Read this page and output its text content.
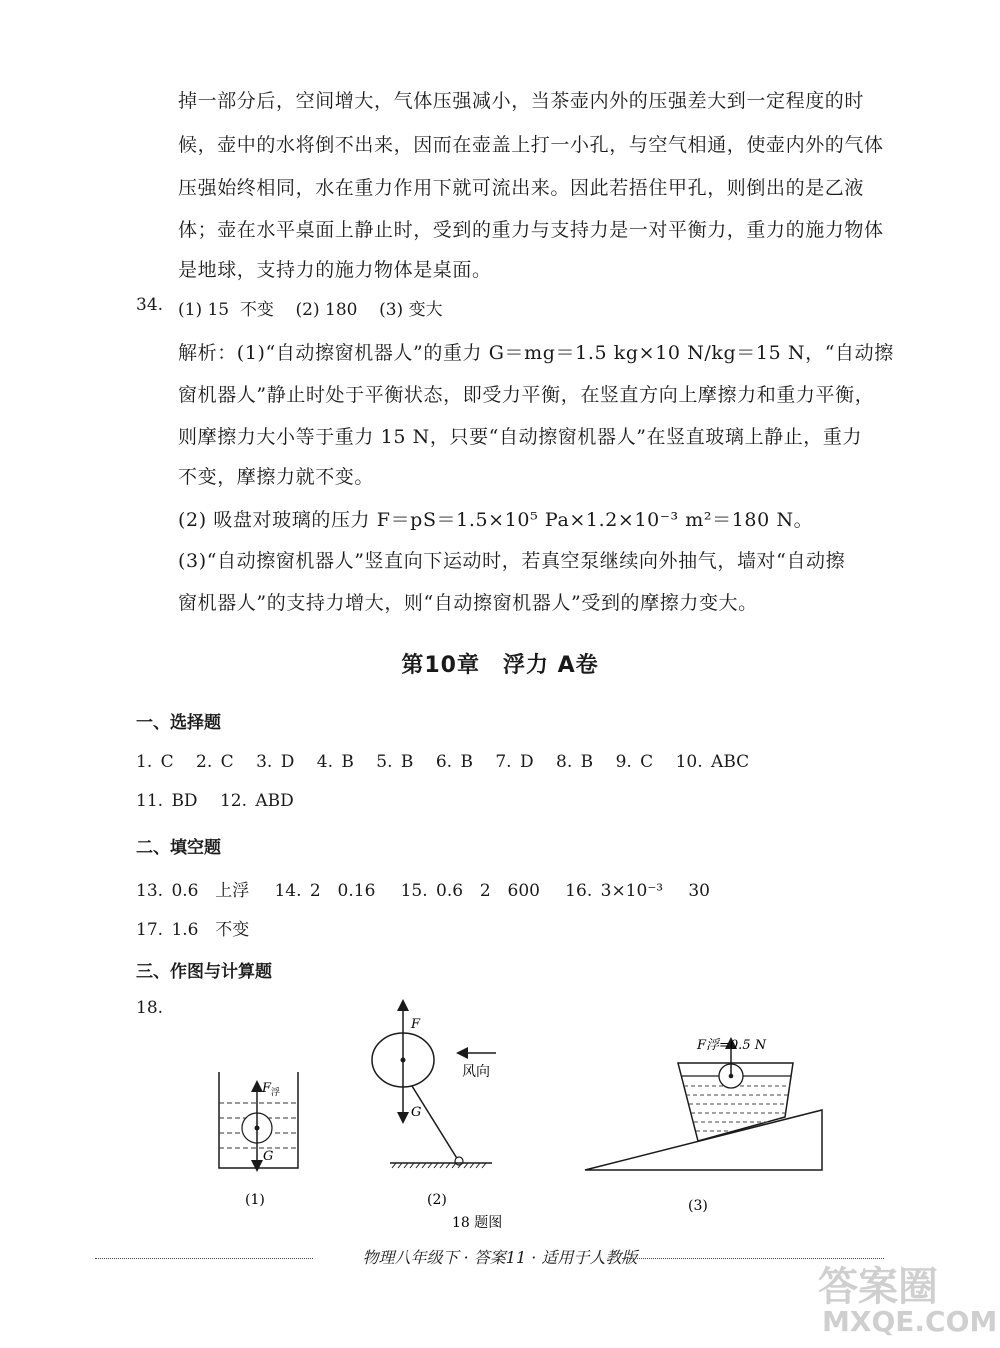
掉一部分后，空间增大，气体压强减小，当茶壶内外的压强差大到一定程度的时
候，壶中的水将倒不出来，因而在壶盖上打一小孔，与空气相通，使壶内外的气体
压强始终相同，水在重力作用下就可流出来。因此若捂住甲孔，则倒出的是乙液
体；壶在水平桌面上静止时，受到的重力与支持力是一对平衡力，重力的施力物体
是地球，支持力的施力物体是桌面。
34. (1) 15  不变    (2) 180    (3) 变大
解析：(1)“自动擦窗机器人”的重力 G＝mg＝1.5 kg×10 N/kg＝15 N，“自动擦
窗机器人”静止时处于平衡状态，即受力平衡，在竖直方向上摩擦力和重力平衡，
则摩擦力大小等于重力 15 N，只要“自动擦窗机器人”在竖直玻璃上静止，重力
不变，摩擦力就不变。
(2) 吸盘对玻璃的压力 F＝pS＝1.5×10⁵ Pa×1.2×10⁻³ m²＝180 N。
(3)“自动擦窗机器人”竖直向下运动时，若真空泵继续向外抽气，墙对“自动擦
窗机器人”的支持力增大，则“自动擦窗机器人”受到的摩擦力变大。
第10章　浮力 A卷
一、选择题
1. C 2. C 3. D 4. B 5. B 6. B 7. D 8. B 9. C 10. ABC
11. BD 12. ABD
二、填空题
13. 0.6  上浮   14. 2  0.16   15. 0.6  2  600   16. 3×10⁻³   30
17. 1.6  不变
三、作图与计算题
18.
$F_浮$
G
F
G
风向
F浮=0.5 N
(1)	(2)	(3)
18 题图
物理八年级下 · 答案11 · 适用于人教版
答案圈
MXQE.COM
